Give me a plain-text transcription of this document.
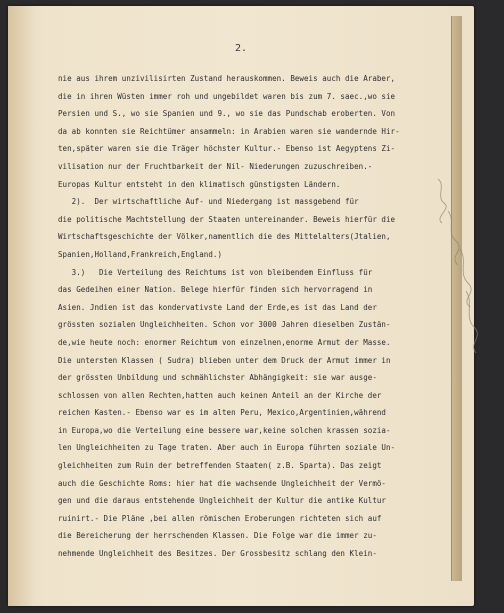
2.
nie aus ihrem unzivilisirten Zustand herauskommen. Beweis auch die Araber,
die in ihren Wüsten immer roh und ungebildet waren bis zum 7. saec.,wo sie
Persien und S., wo sie Spanien und 9., wo sie das Pundschab eroberten. Von
da ab konnten sie Reichtümer ansammeln: in Arabien waren sie wandernde Hir-
ten,später waren sie die Träger höchster Kultur.- Ebenso ist Aegyptens Zi-
vilisation nur der Fruchtbarkeit der Nil- Niederungen zuzuschreiben.-
Europas Kultur entsteht in den klimatisch günstigsten Ländern.
2).  Der wirtschaftliche Auf- und Niedergang ist massgebend für
die politische Machtstellung der Staaten untereinander. Beweis hierfür die
Wirtschaftsgeschichte der Völker,namentlich die des Mittelalters(Jtalien,
Spanien,Holland,Frankreich,England.)
3.)   Die Verteilung des Reichtums ist von bleibendem Einfluss für
das Gedeihen einer Nation. Belege hierfür finden sich hervorragend in
Asien. Jndien ist das kondervativste Land der Erde,es ist das Land der
grössten sozialen Ungleichheiten. Schon vor 3000 Jahren dieselben Zustän-
de,wie heute noch: enormer Reichtum von einzelnen,enorme Armut der Masse.
Die untersten Klassen ( Sudra) blieben unter dem Druck der Armut immer in
der grössten Unbildung und schmählichster Abhängigkeit: sie war ausge-
schlossen von allen Rechten,hatten auch keinen Anteil an der Kirche der
reichen Kasten.- Ebenso war es im alten Peru, Mexico,Argentinien,während
in Europa,wo die Verteilung eine bessere war,keine solchen krassen soziа-
len Ungleichheiten zu Tage traten. Aber auch in Europa führten soziale Un-
gleichheiten zum Ruin der betreffenden Staaten( z.B. Sparta). Das zeigt
auch die Geschichte Roms: hier hat die wachsende Ungleichheit der Vermö-
gen und die daraus entstehende Ungleichheit der Kultur die antike Kultur
ruinirt.- Die Pläne ,bei allen römischen Eroberungen richteten sich auf
die Bereicherung der herrschenden Klassen. Die Folge war die immer zu-
nehmende Ungleichheit des Besitzes. Der Grossbesitz schlang den Klein-
